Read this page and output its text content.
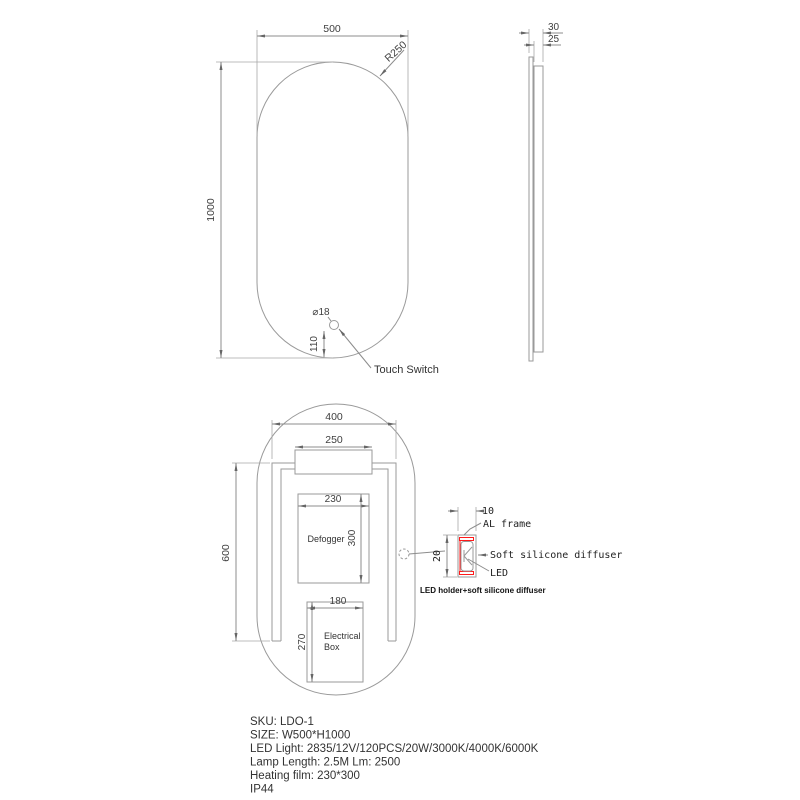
500
1000
R250
⌀18
110
Touch Switch
30
25
400
250
600
Defogger
230
300
Electrical
Box
180
270
10
20
AL frame
Soft silicone diffuser
LED
LED holder+soft silicone diffuser
SKU: LDO-1
SIZE: W500*H1000
LED Light: 2835/12V/120PCS/20W/3000K/4000K/6000K
Lamp Length: 2.5M Lm: 2500
Heating film: 230*300
IP44
